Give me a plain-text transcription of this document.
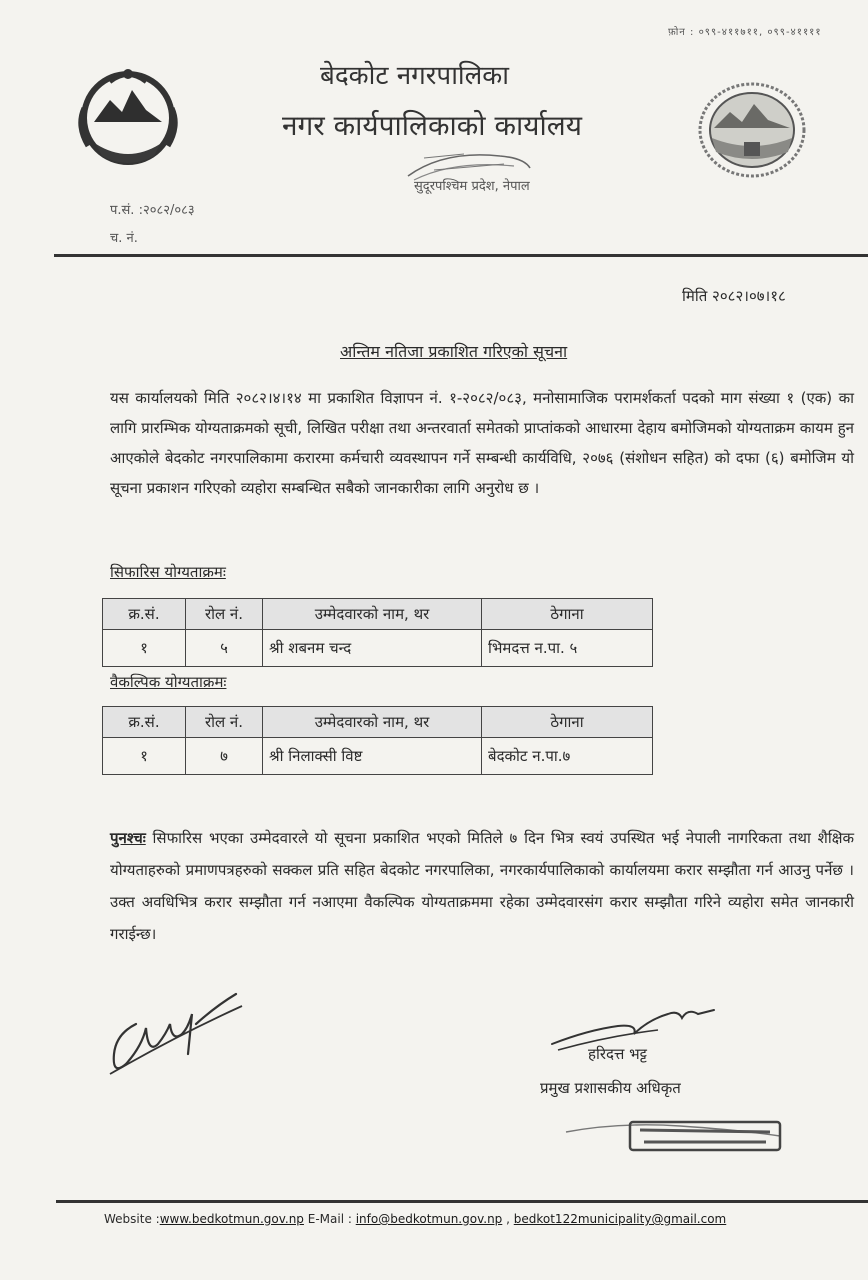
फ़ोन : ०९९-४११७११, ०९९-४११११
बेदकोट नगरपालिका
नगर कार्यपालिकाको कार्यालय
सुदूरपश्चिम प्रदेश, नेपाल
प.सं. :२०८२/०८३
च. नं.
मिति २०८२।०७।१८
अन्तिम नतिजा प्रकाशित गरिएको सूचना
यस कार्यालयको मिति २०८२।४।१४ मा प्रकाशित विज्ञापन नं. १-२०८२/०८३, मनोसामाजिक परामर्शकर्ता पदको माग संख्या १ (एक) का लागि प्रारम्भिक योग्यताक्रमको सूची, लिखित परीक्षा तथा अन्तरवार्ता समेतको प्राप्तांकको आधारमा देहाय बमोजिमको योग्यताक्रम कायम हुन आएकोले बेदकोट नगरपालिकामा करारमा कर्मचारी व्यवस्थापन गर्ने सम्बन्धी कार्यविधि, २०७६ (संशोधन सहित) को दफा (६) बमोजिम यो सूचना प्रकाशन गरिएको व्यहोरा सम्बन्धित सबैको जानकारीका लागि अनुरोध छ ।
सिफारिस योग्यताक्रमः
क्र.सं.	रोल नं.	उम्मेदवारको नाम, थर	ठेगाना
१	५	श्री शबनम चन्द	भिमदत्त न.पा. ५
वैकल्पिक योग्यताक्रमः
क्र.सं.	रोल नं.	उम्मेदवारको नाम, थर	ठेगाना
१	७	श्री निलाक्सी विष्ट	बेदकोट न.पा.७
पुनश्चः सिफारिस भएका उम्मेदवारले यो सूचना प्रकाशित भएको मितिले ७ दिन भित्र स्वयं उपस्थित भई नेपाली नागरिकता तथा शैक्षिक योग्यताहरुको प्रमाणपत्रहरुको सक्कल प्रति सहित बेदकोट नगरपालिका, नगरकार्यपालिकाको कार्यालयमा करार सम्झौता गर्न आउनु पर्नेछ । उक्त अवधिभित्र करार सम्झौता गर्न नआएमा वैकल्पिक योग्यताक्रममा रहेका उम्मेदवारसंग करार सम्झौता गरिने व्यहोरा समेत जानकारी गराईन्छ।
हरिदत्त भट्ट
प्रमुख प्रशासकीय अधिकृत
Website :www.bedkotmun.gov.np E-Mail : info@bedkotmun.gov.np , bedkot122municipality@gmail.com
